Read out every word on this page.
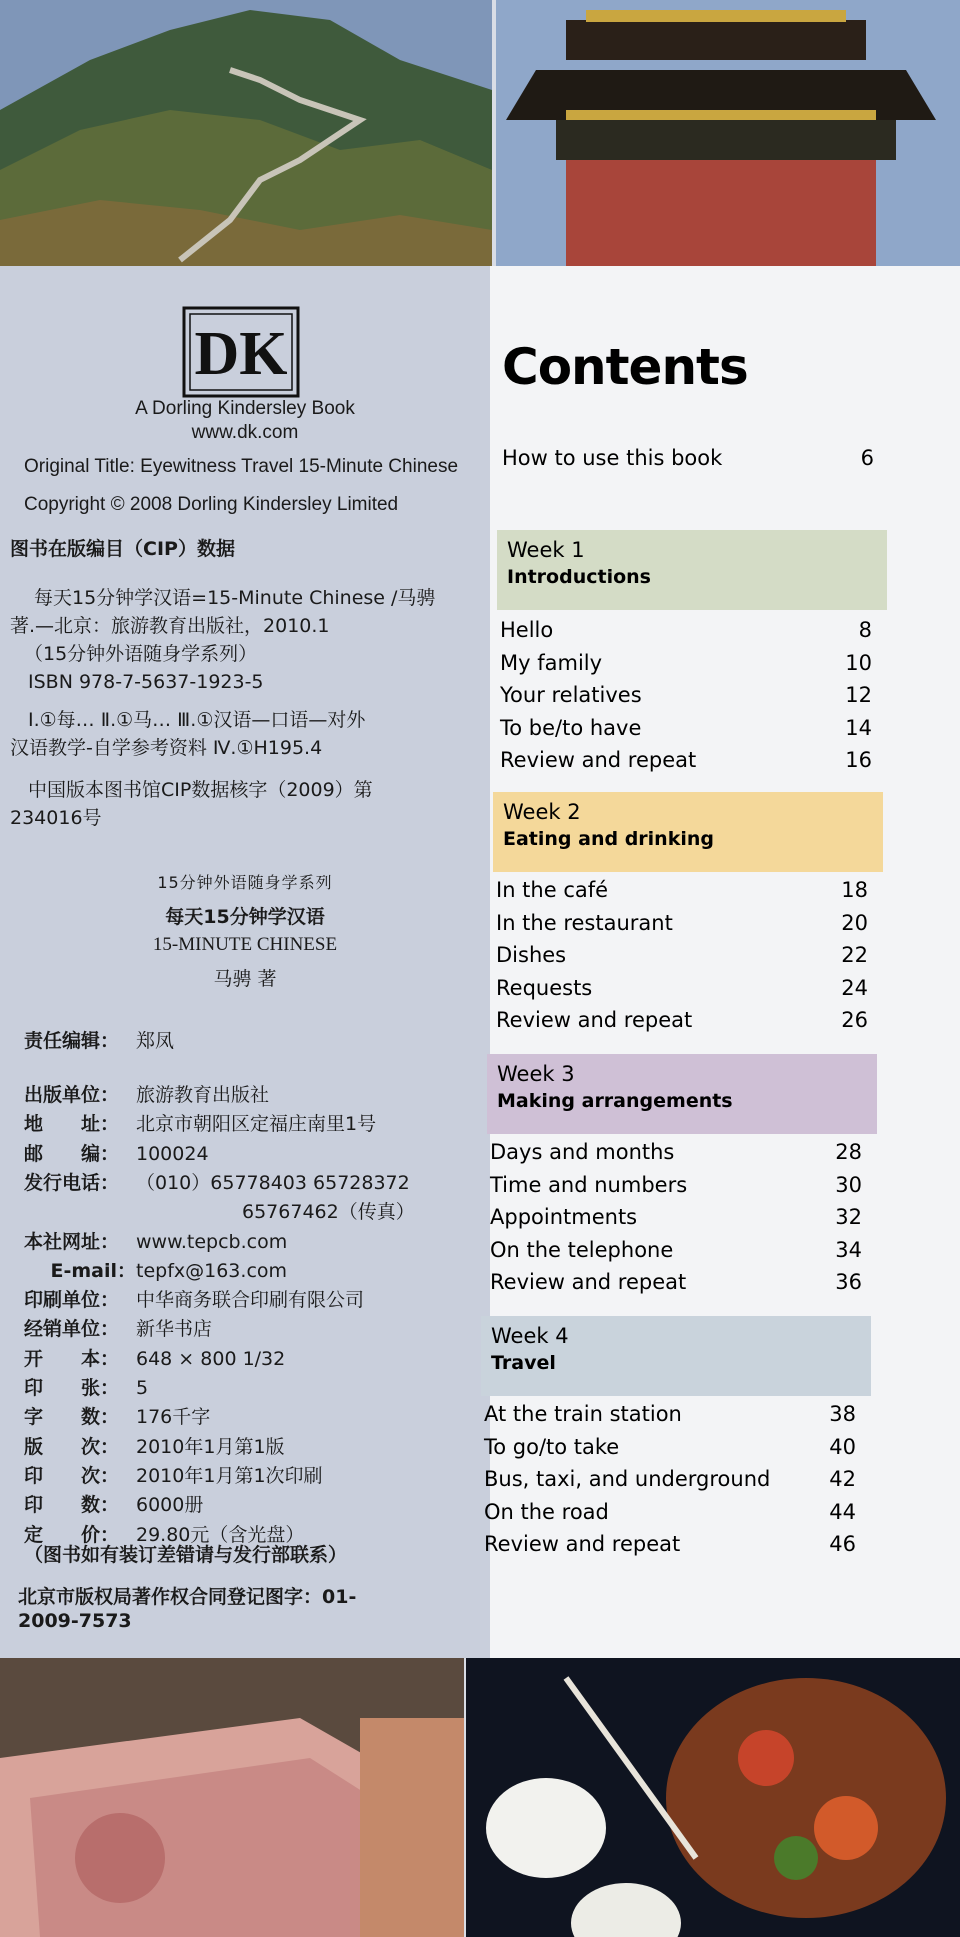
DK
A Dorling Kindersley Book
www.dk.com
Original Title: Eyewitness Travel 15-Minute Chinese
Copyright © 2008 Dorling Kindersley Limited
图书在版编目（CIP）数据

每天15分钟学汉语=15-Minute Chinese /马骋

著.—北京：旅游教育出版社，2010.1

（15分钟外语随身学系列）

ISBN 978-7-5637-1923-5

Ⅰ.①每… Ⅱ.①马… Ⅲ.①汉语—口语—对外

汉语教学-自学参考资料 Ⅳ.①H195.4

中国版本图书馆CIP数据核字（2009）第

234016号

15分钟外语随身学系列
每天15分钟学汉语
15-MINUTE CHINESE
马骋 著
责任编辑： 郑凤
出版单位： 旅游教育出版社
地　　址： 北京市朝阳区定福庄南里1号
邮　　编： 100024
发行电话： （010）65778403 65728372
65767462（传真）
本社网址： www.tepcb.com
E-mail：tepfx@163.com
印刷单位： 中华商务联合印刷有限公司
经销单位： 新华书店
开　　本： 648 × 800 1/32
印　　张： 5
字　　数： 176千字
版　　次： 2010年1月第1版
印　　次： 2010年1月第1次印刷
印　　数： 6000册
定　　价： 29.80元（含光盘）
（图书如有装订差错请与发行部联系）
北京市版权局著作权合同登记图字：01-
2009-7573
Contents
How to use this book	6
Week 1
Introductions
Hello	8
My family	10
Your relatives	12
To be/to have	14
Review and repeat	16
Week 2
Eating and drinking
In the café	18
In the restaurant	20
Dishes	22
Requests	24
Review and repeat	26
Week 3
Making arrangements
Days and months	28
Time and numbers	30
Appointments	32
On the telephone	34
Review and repeat	36
Week 4
Travel
At the train station	38
To go/to take	40
Bus, taxi, and underground	42
On the road	44
Review and repeat	46
